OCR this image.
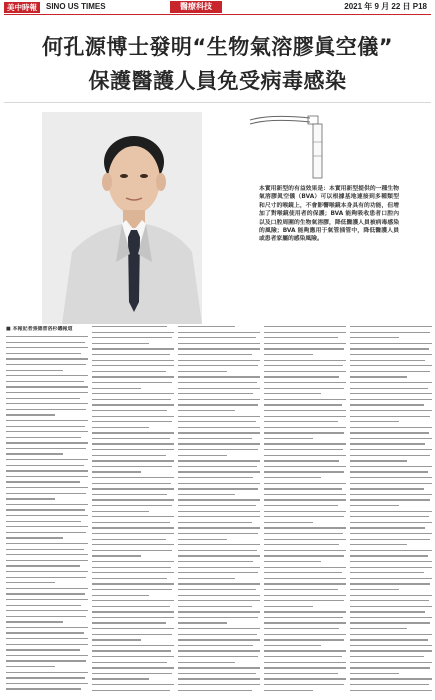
美中時報	SINO US TIMES	醫療科技	2021 年 9 月 22 日 P18
何孔源博士發明“生物氣溶膠眞空儀”
保護醫護人員免受病毒感染
本實用新型的有益效果是：本實用新型提供的一種生物氣溶膠眞空儀（BVA）可以根據基地連接到多種類型和尺寸的喉鏡上，不會影響喉鏡本身具有的功能，但增加了對喉鏡使用者的保護；BVA 能夠吸收患者口腔內以及口腔周圍的生物氣溶膠，降低醫護人員被病毒感染的風險；BVA 能夠應用于氣管插管中，降低醫護人員或患者家屬的感染風險。
■ 本報記者張德普洛杉磯報道
